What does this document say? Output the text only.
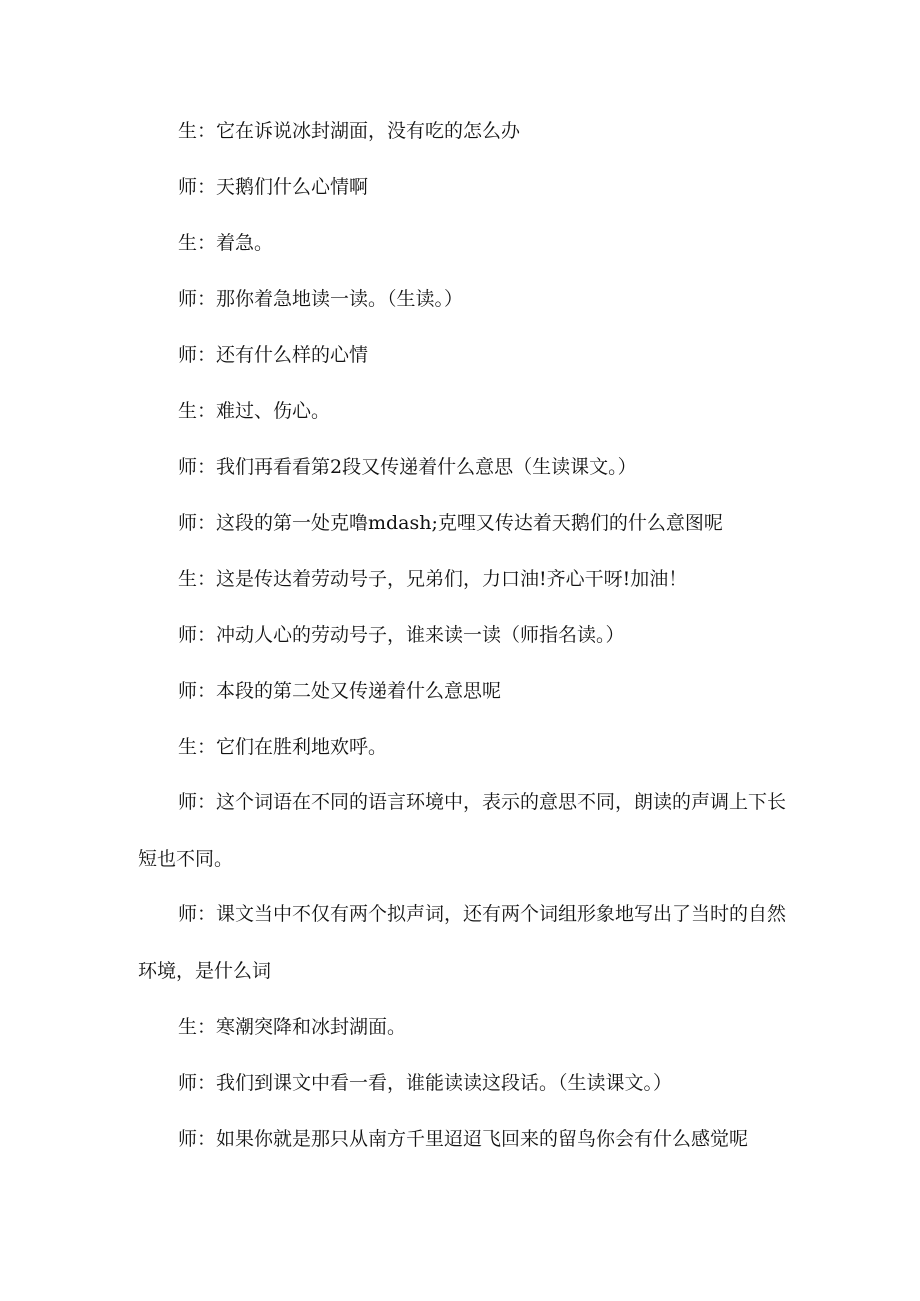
生：它在诉说冰封湖面，没有吃的怎么办

师：天鹅们什么心情啊

生：着急。

师：那你着急地读一读。（生读。）

师：还有什么样的心情

生：难过、伤心。

师：我们再看看第2段又传递着什么意思（生读课文。）

师：这段的第一处克噜mdash;克哩又传达着天鹅们的什么意图呢

生：这是传达着劳动号子，兄弟们，力口油!齐心干呀!加油！

师：冲动人心的劳动号子，谁来读一读（师指名读。）

师：本段的第二处又传递着什么意思呢

生：它们在胜利地欢呼。

师：这个词语在不同的语言环境中，表示的意思不同，朗读的声调上下长短也不同。

师：课文当中不仅有两个拟声词，还有两个词组形象地写出了当时的自然环境，是什么词

生：寒潮突降和冰封湖面。

师：我们到课文中看一看，谁能读读这段话。（生读课文。）

师：如果你就是那只从南方千里迢迢飞回来的留鸟你会有什么感觉呢
